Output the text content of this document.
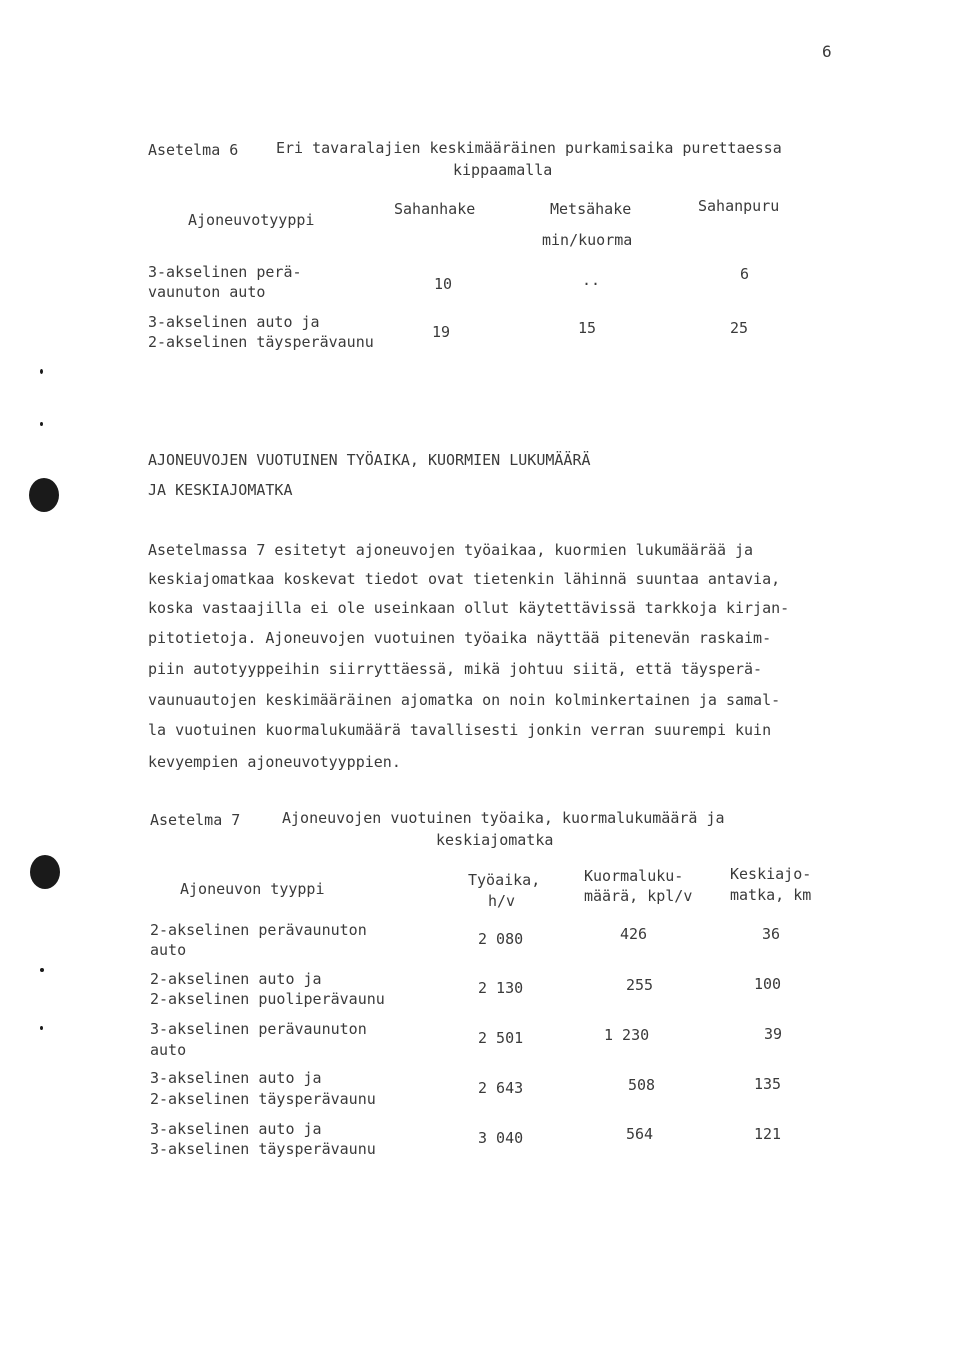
6
Asetelma 6	Eri tavaralajien keskimääräinen purkamisaika purettaessa
kippaamalla
Ajoneuvotyyppi
Sahanhake	Metsähake	Sahanpuru
min/kuorma
3-akselinen perä-
vaunuton auto	10	..	6
3-akselinen auto ja
2-akselinen täysperävaunu
19	15	25
AJONEUVOJEN VUOTUINEN TYÖAIKA, KUORMIEN LUKUMÄÄRÄ
JA KESKIAJOMATKA
Asetelmassa 7 esitetyt ajoneuvojen työaikaa, kuormien lukumäärää ja
keskiajomatkaa koskevat tiedot ovat tietenkin lähinnä suuntaa antavia,
koska vastaajilla ei ole useinkaan ollut käytettävissä tarkkoja kirjan-
pitotietoja. Ajoneuvojen vuotuinen työaika näyttää pitenevän raskaim-
piin autotyyppeihin siirryttäessä, mikä johtuu siitä, että täysperä-
vaunuautojen keskimääräinen ajomatka on noin kolminkertainen ja samal-
la vuotuinen kuormalukumäärä tavallisesti jonkin verran suurempi kuin
kevyempien ajoneuvotyyppien.
Asetelma 7	Ajoneuvojen vuotuinen työaika, kuormalukumäärä ja
keskiajomatka
Ajoneuvon tyyppi	Työaika,
h/v
Kuormaluku-
määrä, kpl/v
Keskiajo-
matka, km
2-akselinen perävaunuton
auto
2 080	426	36
2-akselinen auto ja
2-akselinen puoliperävaunu
2 130	255	100
3-akselinen perävaunuton
auto
2 501	1 230	39
3-akselinen auto ja
2-akselinen täysperävaunu
2 643	508	135
3-akselinen auto ja
3-akselinen täysperävaunu
3 040	564	121
